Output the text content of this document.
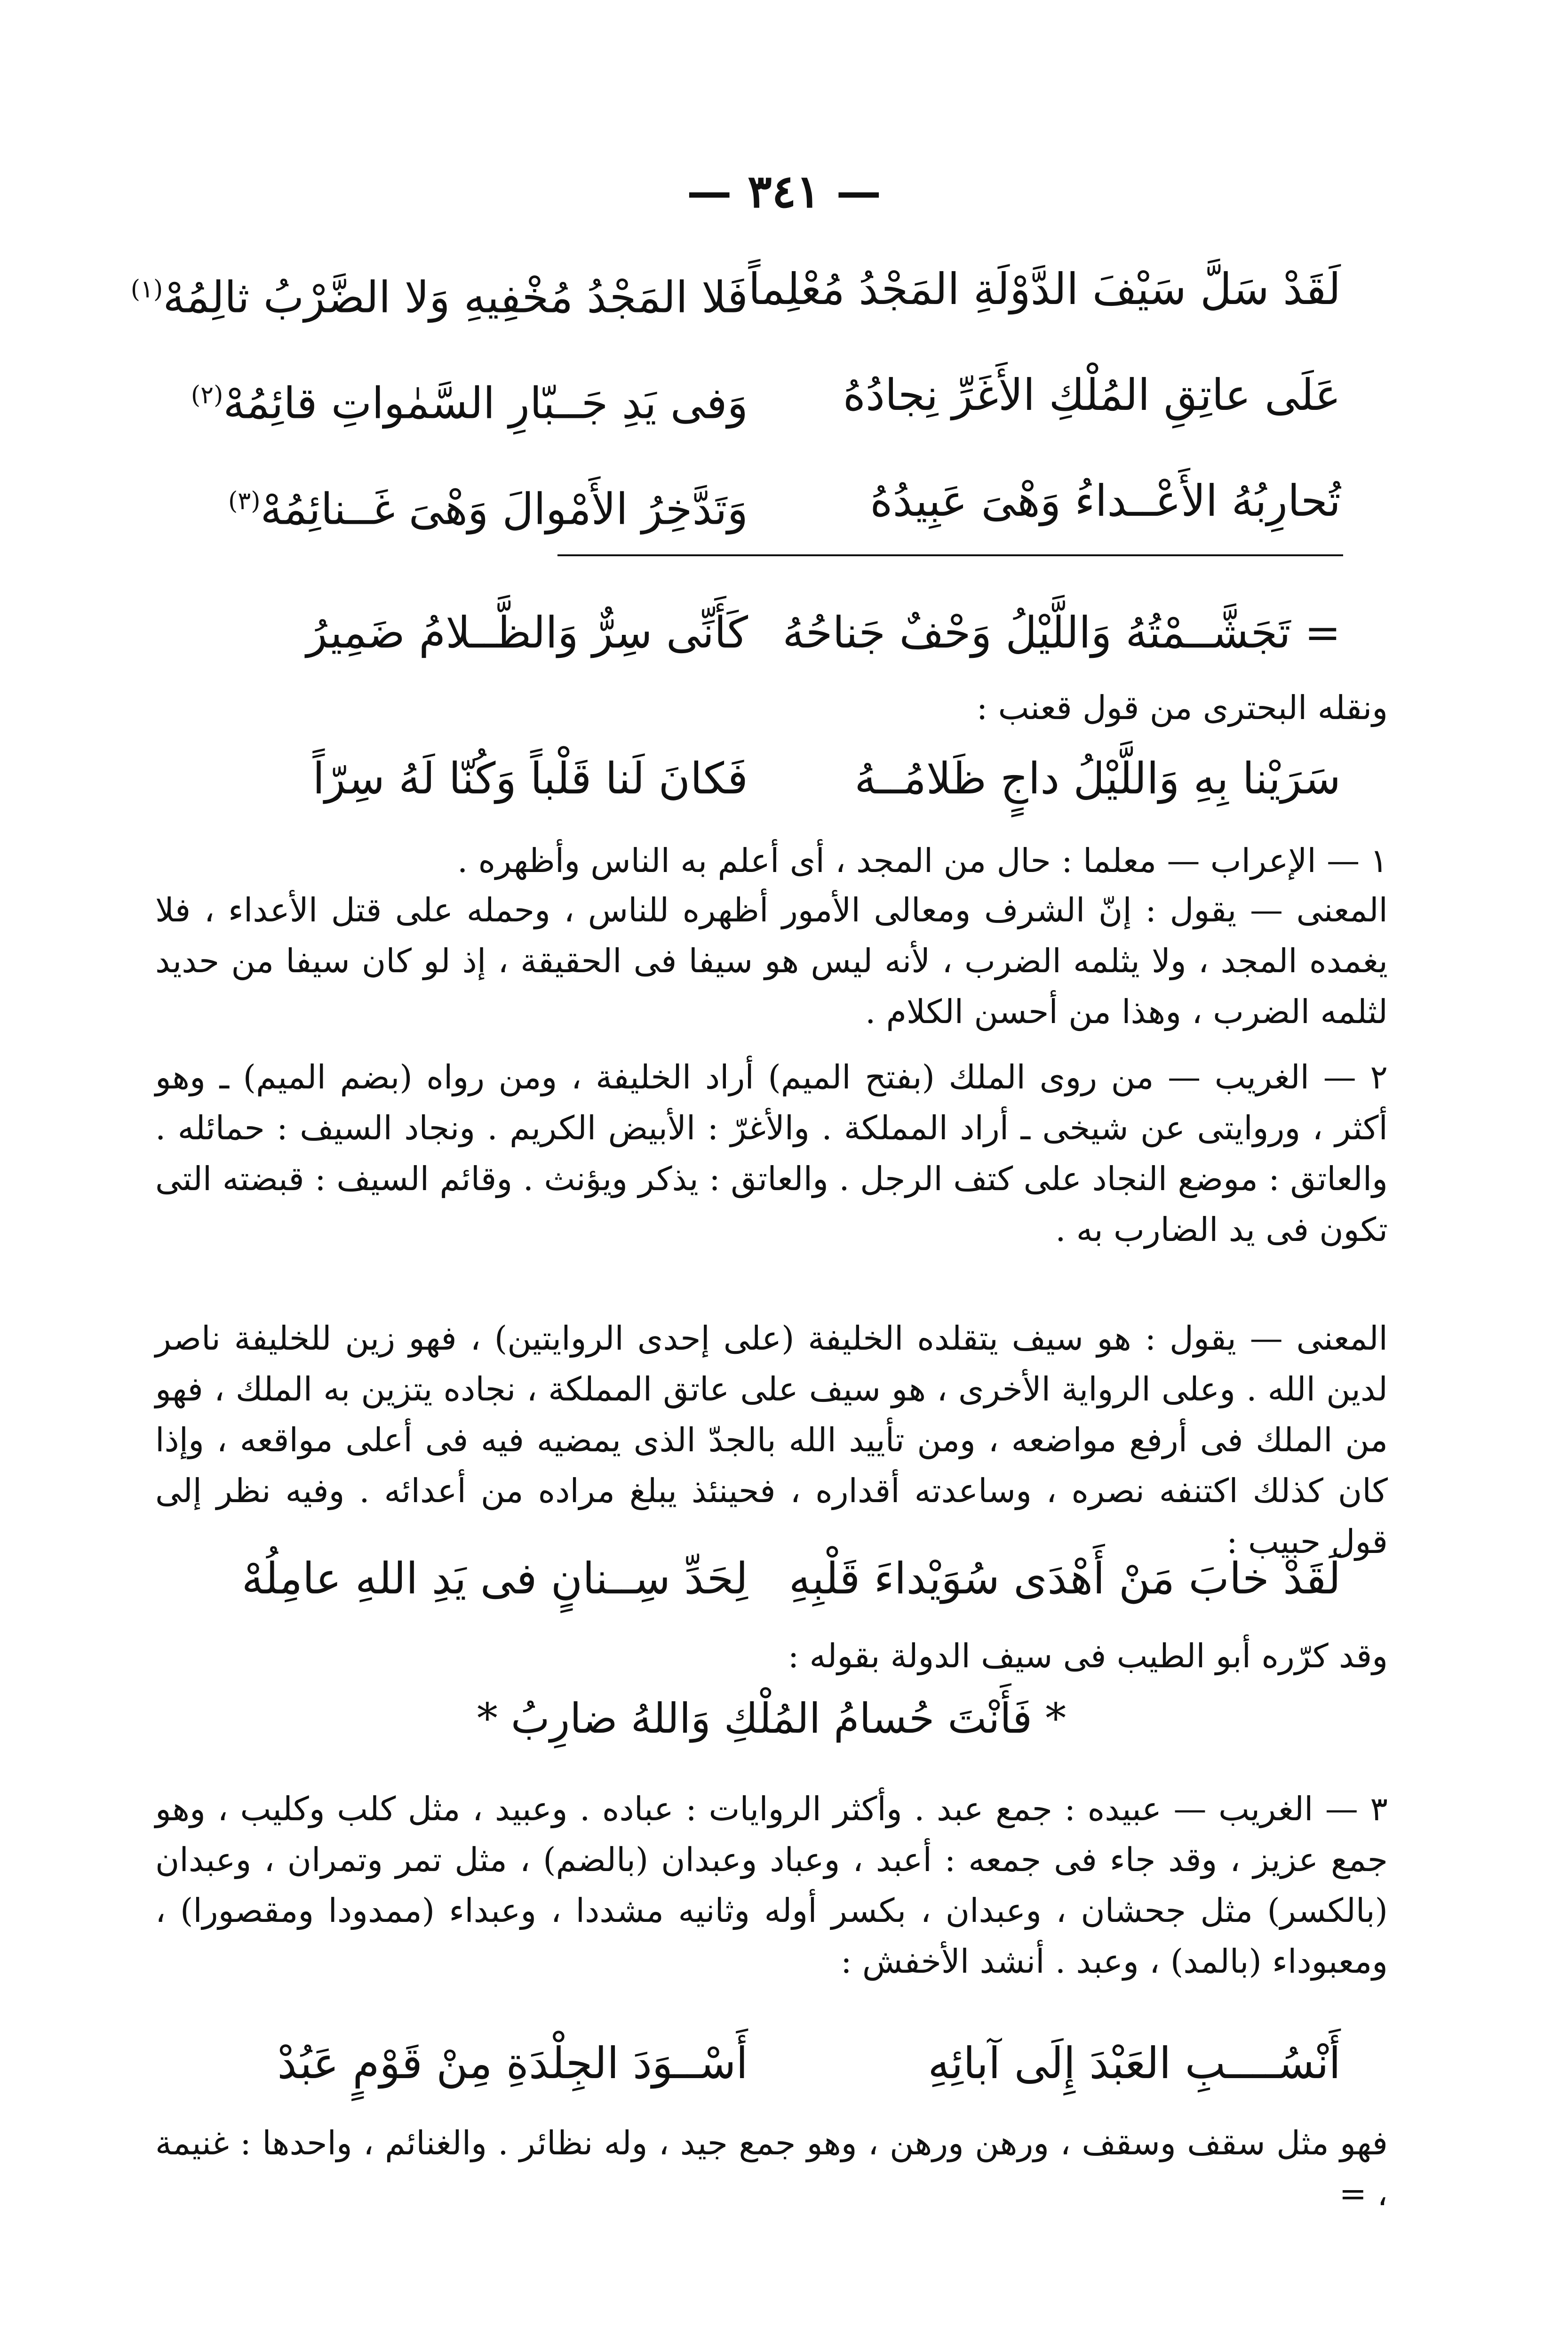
— ٣٤١ —
لَقَدْ سَلَّ سَيْفَ الدَّوْلَةِ المَجْدُ مُعْلِماً
فَلا المَجْدُ مُخْفِيهِ وَلا الضَّرْبُ ثالِمُهْ$^{(١)}$
عَلَى عاتِقِ المُلْكِ الأَغَرِّ نِجادُهُ
وَفى يَدِ جَــبّارِ السَّمٰواتِ قائِمُهْ$^{(٢)}$
تُحارِبُهُ الأَعْــداءُ وَهْىَ عَبِيدُهُ
وَتَدَّخِرُ الأَمْوالَ وَهْىَ غَــنائِمُهْ$^{(٣)}$
= تَجَشَّــمْتُهُ وَاللَّيْلُ وَحْفٌ جَناحُهُ
كَأَنِّى سِرٌّ وَالظَّــلامُ ضَمِيرُ
ونقله البحترى من قول قعنب :
سَرَيْنا بِهِ وَاللَّيْلُ داجٍ ظَلامُــهُ
فَكانَ لَنا قَلْباً وَكُنّا لَهُ سِرّاً
١ — الإعراب — معلما : حال من المجد ، أى أعلم به الناس وأظهره .
المعنى — يقول : إنّ الشرف ومعالى الأمور أظهره للناس ، وحمله على قتل الأعداء ، فلا يغمده المجد ، ولا يثلمه الضرب ، لأنه ليس هو سيفا فى الحقيقة ، إذ لو كان سيفا من حديد لثلمه الضرب ، وهذا من أحسن الكلام .
٢ — الغريب — من روى الملك (بفتح الميم) أراد الخليفة ، ومن رواه (بضم الميم) ـ وهو أكثر ، وروايتى عن شيخى ـ أراد المملكة . والأغرّ : الأبيض الكريم . ونجاد السيف : حمائله . والعاتق : موضع النجاد على كتف الرجل . والعاتق : يذكر ويؤنث . وقائم السيف : قبضته التى تكون فى يد الضارب به .
المعنى — يقول : هو سيف يتقلده الخليفة (على إحدى الروايتين) ، فهو زين للخليفة ناصر لدين الله . وعلى الرواية الأخرى ، هو سيف على عاتق المملكة ، نجاده يتزين به الملك ، فهو من الملك فى أرفع مواضعه ، ومن تأييد الله بالجدّ الذى يمضيه فيه فى أعلى مواقعه ، وإذا كان كذلك اكتنفه نصره ، وساعدته أقداره ، فحينئذ يبلغ مراده من أعدائه . وفيه نظر إلى قول حبيب :
لَقَدْ خابَ مَنْ أَهْدَى سُوَيْداءَ قَلْبِهِ
لِحَدِّ سِــنانٍ فى يَدِ اللهِ عامِلُهْ
وقد كرّره أبو الطيب فى سيف الدولة بقوله :
* فَأَنْتَ حُسامُ المُلْكِ وَاللهُ ضارِبُ *
٣ — الغريب — عبيده : جمع عبد . وأكثر الروايات : عباده . وعبيد ، مثل كلب وكليب ، وهو جمع عزيز ، وقد جاء فى جمعه : أعبد ، وعباد وعبدان (بالضم) ، مثل تمر وتمران ، وعبدان (بالكسر) مثل جحشان ، وعبدان ، بكسر أوله وثانيه مشددا ، وعبداء (ممدودا ومقصورا) ، ومعبوداء (بالمد) ، وعبد . أنشد الأخفش :
أَنْسُــــبِ العَبْدَ إِلَى آبائِهِ
أَسْــوَدَ الجِلْدَةِ مِنْ قَوْمٍ عَبُدْ
فهو مثل سقف وسقف ، ورهن ورهن ، وهو جمع جيد ، وله نظائر . والغنائم ، واحدها : غنيمة ، =
